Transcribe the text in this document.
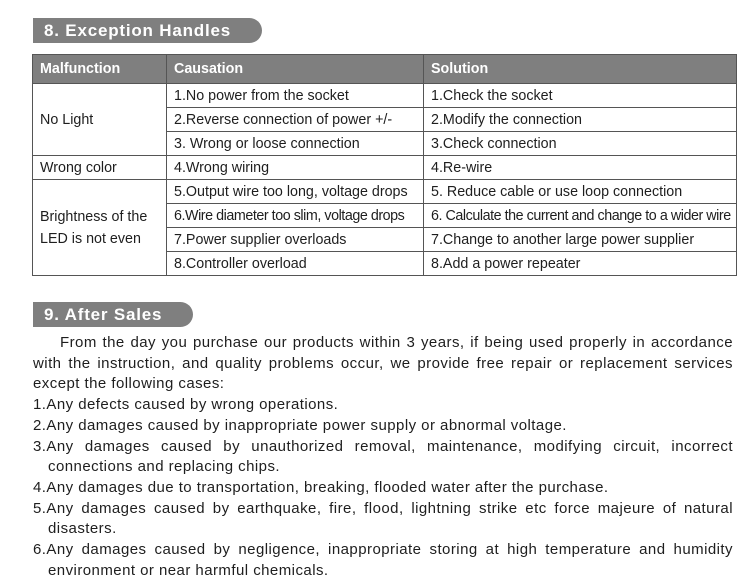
8. Exception Handles
Malfunction	Causation	Solution
No Light	1.No power from the socket	1.Check the socket
	2.Reverse connection of power +/-	2.Modify the connection
	3. Wrong or loose connection	3.Check connection
Wrong color	4.Wrong wiring	4.Re-wire
Brightness of the LED is not even	5.Output wire too long, voltage drops	5. Reduce cable or use loop connection
	6.Wire diameter too slim, voltage drops	6. Calculate the current and change to a wider wire
	7.Power supplier overloads	7.Change to another large power supplier
	8.Controller overload	8.Add a power repeater
9. After Sales

From the day you purchase our products within 3 years, if being used properly in accordance with the instruction, and quality problems occur, we provide free repair or replacement services except the following cases:

1.Any defects caused by wrong operations.

2.Any damages caused by inappropriate power supply or abnormal voltage.

3.Any damages caused by unauthorized removal, maintenance, modifying circuit, incorrect connections and replacing chips.

4.Any damages due to transportation, breaking, flooded water after the purchase.

5.Any damages caused by earthquake, fire, flood, lightning strike etc force majeure of natural disasters.

6.Any damages caused by negligence, inappropriate storing at high temperature and humidity environment or near harmful chemicals.
